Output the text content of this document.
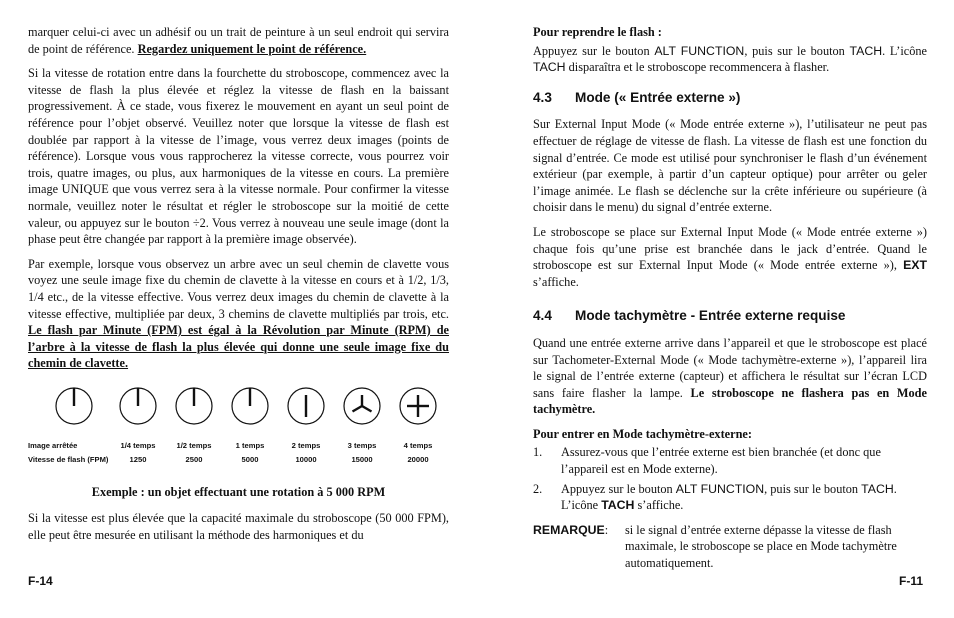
marquer celui-ci avec un adhésif ou un trait de peinture à un seul endroit qui servira de point de référence. Regardez uniquement le point de référence.

Si la vitesse de rotation entre dans la fourchette du stroboscope, commencez avec la vitesse de flash la plus élevée et réglez la vitesse de flash en la baissant progressivement. À ce stade, vous fixerez le mouvement en ayant un seul point de référence pour l’objet observé. Veuillez noter que lorsque la vitesse de flash est doublée par rapport à la vitesse de l’image, vous verrez deux images (points de référence). Lorsque vous vous rapprocherez la vitesse correcte, vous pourrez voir trois, quatre images, ou plus, aux harmoniques de la vitesse en cours. La première image UNIQUE que vous verrez sera à la vitesse normale. Pour confirmer la vitesse normale, veuillez noter le résultat et régler le stroboscope sur la moitié de cette valeur, ou appuyez sur le bouton ÷2. Vous verrez à nouveau une seule image (dont la phase peut être changée par rapport à la première image observée).

Par exemple, lorsque vous observez un arbre avec un seul chemin de clavette vous voyez une seule image fixe du chemin de clavette à la vitesse en cours et à 1/2, 1/3, 1/4 etc., de la vitesse effective. Vous verrez deux images du chemin de clavette à la vitesse effective, multipliée par deux, 3 chemins de clavette multipliés par trois, etc. Le flash par Minute (FPM) est égal à la Révolution par Minute (RPM) de l’arbre à la vitesse de flash la plus élevée qui donne une seule image fixe du chemin de clavette.

Image arrêtée
Vitesse de flash (FPM)
1/4 temps
1250
1/2 temps
2500
1 temps
5000
2 temps
10000
3 temps
15000
4 temps
20000

Exemple : un objet effectuant une rotation à 5 000 RPM

Si la vitesse est plus élevée que la capacité maximale du stroboscope (50 000 FPM), elle peut être mesurée en utilisant la méthode des harmoniques et du

Pour reprendre le flash :

Appuyez sur le bouton ALT FUNCTION, puis sur le bouton TACH. L’icône TACH disparaîtra et le stroboscope recommencera à flasher.

4.3 Mode (« Entrée externe »)

Sur External Input Mode (« Mode entrée externe »), l’utilisateur ne peut pas effectuer de réglage de vitesse de flash. La vitesse de flash est une fonction du signal d’entrée. Ce mode est utilisé pour synchroniser le flash d’un événement extérieur (par exemple, à partir d’un capteur optique) pour arrêter ou geler l’image animée. Le flash se déclenche sur la crête inférieure ou supérieure (à choisir dans le menu) du signal d’entrée externe.

Le stroboscope se place sur External Input Mode (« Mode entrée externe ») chaque fois qu’une prise est branchée dans le jack d’entrée. Quand le stroboscope est sur External Input Mode (« Mode entrée externe »), EXT s’affiche.

4.4 Mode tachymètre - Entrée externe requise

Quand une entrée externe arrive dans l’appareil et que le stroboscope est placé sur Tachometer-External Mode (« Mode tachymètre-externe »), l’appareil lira le signal de l’entrée externe (capteur) et affichera le résultat sur l’écran LCD sans faire flasher la lampe. Le stroboscope ne flashera pas en Mode tachymètre.

Pour entrer en Mode tachymètre-externe:

1. Assurez-vous que l’entrée externe est bien branchée (et donc que l’appareil est en Mode externe).
2. Appuyez sur le bouton ALT FUNCTION, puis sur le bouton TACH. L’icône TACH s’affiche.
REMARQUE:	si le signal d’entrée externe dépasse la vitesse de flash maximale, le stroboscope se place en Mode tachymètre automatiquement.
F-14	F-11
